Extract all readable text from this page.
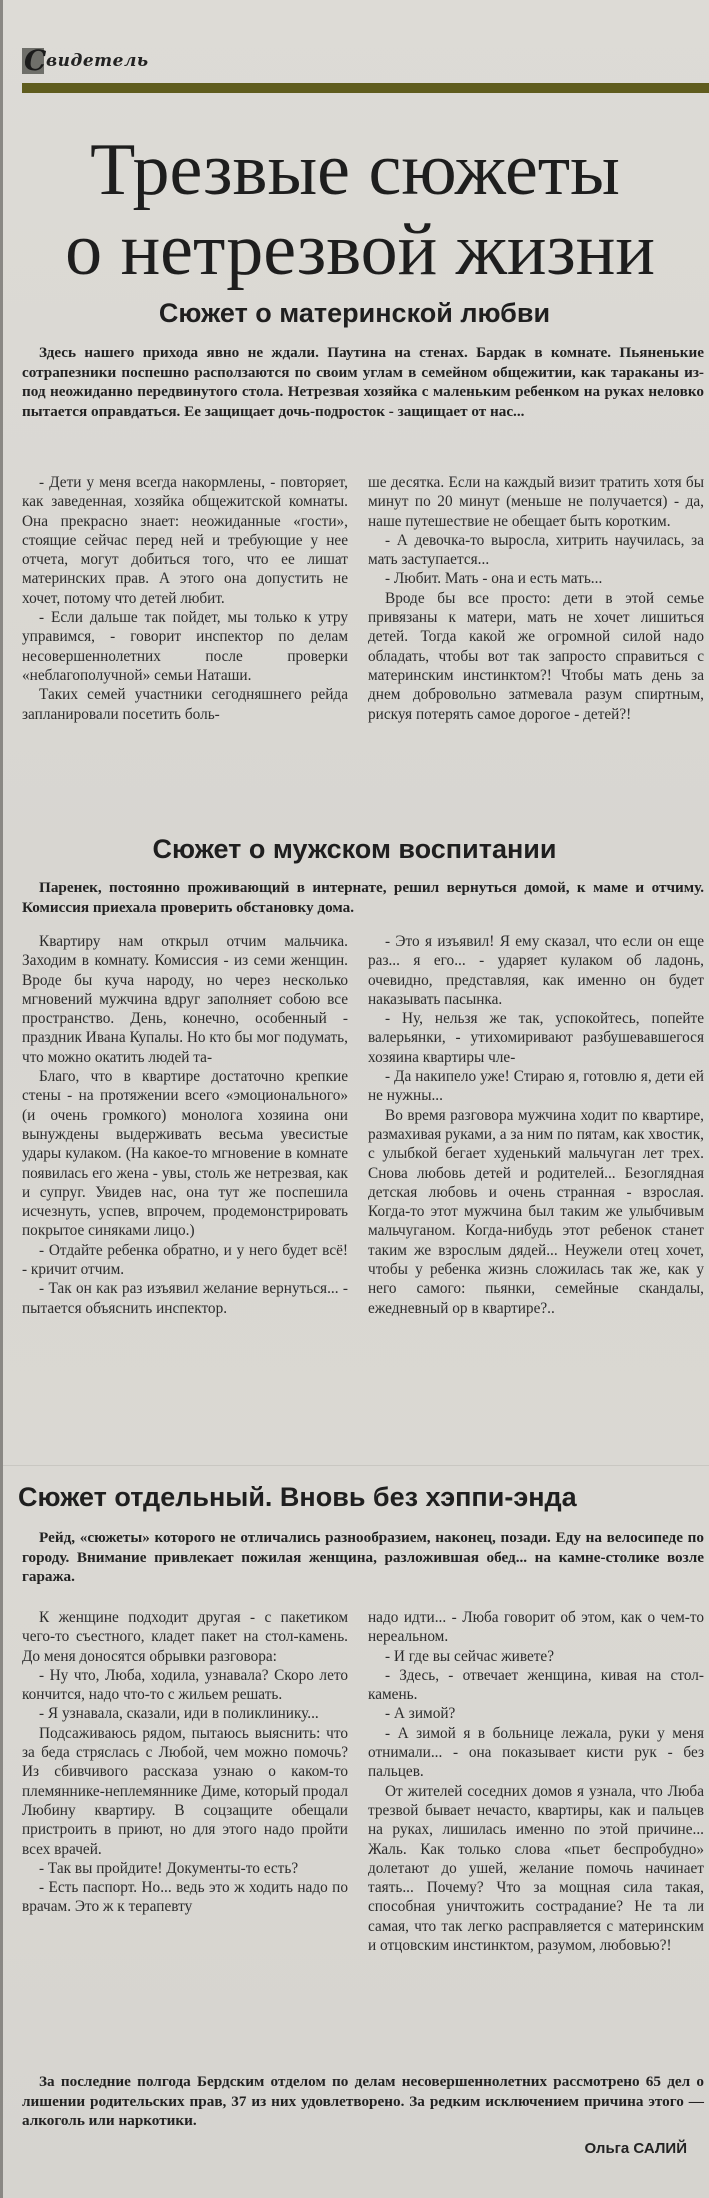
С видетель
Трезвые сюжеты
о нетрезвой жизни
Сюжет о материнской любви
Здесь нашего прихода явно не ждали. Паутина на стенах. Бардак в комнате. Пьяненькие сотрапезники поспешно расползаются по своим углам в семейном общежитии, как тараканы из-под неожиданно передвинутого стола. Нетрезвая хозяйка с маленьким ребенком на руках неловко пытается оправдаться. Ее защищает дочь-подросток - защищает от нас...

- Дети у меня всегда накормлены, - повторяет, как заведенная, хозяйка общежитской комнаты. Она прекрасно знает: неожиданные «гости», стоящие сейчас перед ней и требующие у нее отчета, могут добиться того, что ее лишат материнских прав. А этого она допустить не хочет, потому что детей любит.

- Если дальше так пойдет, мы только к утру управимся, - говорит инспектор по делам несовершеннолетних после проверки «неблагополучной» семьи Наташи.

Таких семей участники сегодняшнего рейда запланировали посетить боль-

ше десятка. Если на каждый визит тратить хотя бы минут по 20 минут (меньше не получается) - да, наше путешествие не обещает быть коротким.

- А девочка-то выросла, хитрить научилась, за мать заступается...

- Любит. Мать - она и есть мать...

Вроде бы все просто: дети в этой семье привязаны к матери, мать не хочет лишиться детей. Тогда какой же огромной силой надо обладать, чтобы вот так запросто справиться с материнским инстинктом?! Чтобы мать день за днем добровольно затмевала разум спиртным, рискуя потерять самое дорогое - детей?!

Сюжет о мужском воспитании
Паренек, постоянно проживающий в интернате, решил вернуться домой, к маме и отчиму. Комиссия приехала проверить обстановку дома.

Квартиру нам открыл отчим мальчика. Заходим в комнату. Комиссия - из семи женщин. Вроде бы куча народу, но через несколько мгновений мужчина вдруг заполняет собою все пространство. День, конечно, особенный - праздник Ивана Купалы. Но кто бы мог подумать, что можно окатить людей та-

Благо, что в квартире достаточно крепкие стены - на протяжении всего «эмоционального» (и очень громкого) монолога хозяина они вынуждены выдерживать весьма увесистые удары кулаком. (На какое-то мгновение в комнате появилась его жена - увы, столь же нетрезвая, как и супруг. Увидев нас, она тут же поспешила исчезнуть, успев, впрочем, продемонстрировать покрытое синяками лицо.)

- Отдайте ребенка обратно, и у него будет всё! - кричит отчим.

- Так он как раз изъявил желание вернуться... - пытается объяснить инспектор.

- Это я изъявил! Я ему сказал, что если он еще раз... я его... - ударяет кулаком об ладонь, очевидно, представляя, как именно он будет наказывать пасынка.

- Ну, нельзя же так, успокойтесь, попейте валерьянки, - утихомиривают разбушевавшегося хозяина квартиры чле-

- Да накипело уже! Стираю я, готовлю я, дети ей не нужны...

Во время разговора мужчина ходит по квартире, размахивая руками, а за ним по пятам, как хвостик, с улыбкой бегает худенький мальчуган лет трех. Снова любовь детей и родителей... Безоглядная детская любовь и очень странная - взрослая. Когда-то этот мужчина был таким же улыбчивым мальчуганом. Когда-нибудь этот ребенок станет таким же взрослым дядей... Неужели отец хочет, чтобы у ребенка жизнь сложилась так же, как у него самого: пьянки, семейные скандалы, ежедневный ор в квартире?..

Сюжет отдельный. Вновь без хэппи-энда
Рейд, «сюжеты» которого не отличались разнообразием, наконец, позади. Еду на велосипеде по городу. Внимание привлекает пожилая женщина, разложившая обед... на камне-столике возле гаража.

К женщине подходит другая - с пакетиком чего-то съестного, кладет пакет на стол-камень. До меня доносятся обрывки разговора:

- Ну что, Люба, ходила, узнавала? Скоро лето кончится, надо что-то с жильем решать.

- Я узнавала, сказали, иди в поликлинику...

Подсаживаюсь рядом, пытаюсь выяснить: что за беда стряслась с Любой, чем можно помочь? Из сбивчивого рассказа узнаю о каком-то племяннике-неплемяннике Диме, который продал Любину квартиру. В соцзащите обещали пристроить в приют, но для этого надо пройти всех врачей.

- Так вы пройдите! Документы-то есть?

- Есть паспорт. Но... ведь это ж ходить надо по врачам. Это ж к терапевту

надо идти... - Люба говорит об этом, как о чем-то нереальном.

- И где вы сейчас живете?

- Здесь, - отвечает женщина, кивая на стол-камень.

- А зимой?

- А зимой я в больнице лежала, руки у меня отнимали... - она показывает кисти рук - без пальцев.

От жителей соседних домов я узнала, что Люба трезвой бывает нечасто, квартиры, как и пальцев на руках, лишилась именно по этой причине... Жаль. Как только слова «пьет беспробудно» долетают до ушей, желание помочь начинает таять... Почему? Что за мощная сила такая, способная уничтожить сострадание? Не та ли самая, что так легко расправляется с материнским и отцовским инстинктом, разумом, любовью?!

За последние полгода Бердским отделом по делам несовершеннолетних рассмотрено 65 дел о лишении родительских прав, 37 из них удовлетворено. За редким исключением причина этого — алкоголь или наркотики.
Ольга САЛИЙ
